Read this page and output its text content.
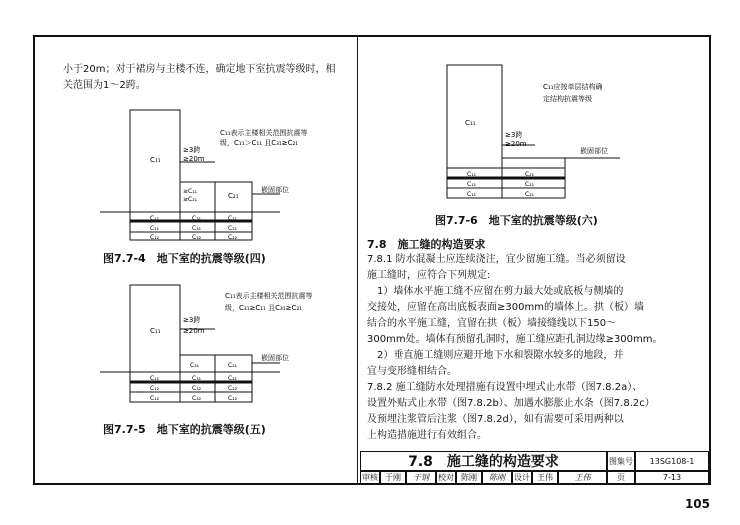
小于20m；对于裙房与主楼不连，确定地下室抗震等级时，相
关范围为1～2跨。
C₁₁
≥3跨
≥20m
≥C₁₁
≥C₂₁	C₂₁
嵌固部位
C₁₁表示主楼相关范围抗震等
级，C₁₁＞C₁₁ 且C₃₁≥C₂₁
C₁₁	C₃₁	C₂₁
C₁₁	C₃₁	C₂₁
C₁₂	C₃₂	C₂₂
图7.7-4　地下室的抗震等级(四)
C₁₁
≥3跨
≥20m
C₃₁	C₂₁
嵌固部位
C₁₁表示主楼相关范围抗震等
级，C₃₁≥C₁₁ 且C₃₁≥C₂₁
C₁₁	C₃₁	C₂₁
C₁₂	C₃₂	C₂₂
C₁₂	C₃₂	C₂₂
图7.7-5　地下室的抗震等级(五)
C₁₁
≥3跨
≥20m
嵌固部位
C₁₁应按单层结构确
定结构抗震等级
C₁₁	C₂₁
C₁₁	C₂₁
C₁₁	C₂₁
图7.7-6　地下室的抗震等级(六)
7.8　施工缝的构造要求
7.8.1 防水混凝土应连续浇注，宜少留施工缝。当必须留设
施工缝时，应符合下列规定:
　1）墙体水平施工缝不应留在剪力最大处或底板与侧墙的
交接处，应留在高出底板表面≥300mm的墙体上。拱（板）墙
结合的水平施工缝，宜留在拱（板）墙接缝线以下150～
300mm处。墙体有预留孔洞时，施工缝应距孔洞边缘≥300mm。
　2）垂直施工缝则应避开地下水和裂隙水较多的地段，并
宜与变形缝相结合。
7.8.2 施工缝防水处理措施有设置中埋式止水带（图7.8.2a）、
设置外贴式止水带（图7.8.2b）、加遇水膨胀止水条（图7.8.2c）
及预埋注浆管后注浆（图7.8.2d），如有需要可采用两种以
上构造措施进行有效组合。
7.8　施工缝的构造要求	图集号	13SG108-1
审核 于刚	于钢	校对 陈刚	陈刚	设计 王伟	王伟	页	7-13
105
